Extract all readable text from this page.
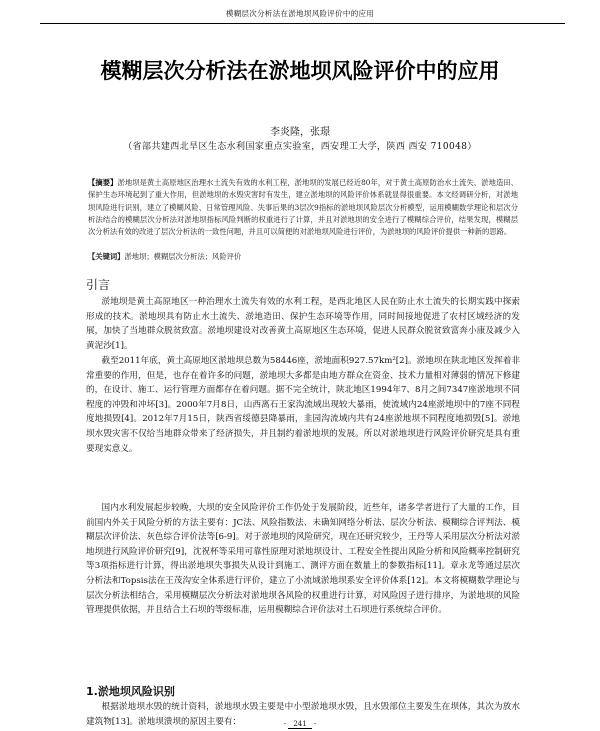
模糊层次分析法在淤地坝风险评价中的应用
模糊层次分析法在淤地坝风险评价中的应用
李炎隆，张璟
（省部共建西北旱区生态水利国家重点实验室，西安理工大学，陕西 西安 710048）
【摘要】淤地坝是黄土高原地区治理水土流失有效的水利工程，淤地坝的发展已经近80年，对于黄土高原防治水土流失、淤地造田、保护生态环境起到了重大作用，但淤地坝的水毁灾害时有发生，建立淤地坝的风险评价体系就显得很重要。本文经调研分析，对淤地坝风险进行识别，建立了模糊风险、日常管理风险、失事后果的3层次9指标的淤地坝风险层次分析模型，运用模糊数学理论和层次分析法结合的模糊层次分析法对淤地坝指标风险判断的权重进行了计算，并且对淤地坝的安全进行了模糊综合评价，结果发现，模糊层次分析法有效的改进了层次分析法的一致性问题，并且可以简便的对淤地坝风险进行评价，为淤地坝的风险评价提供一种新的思路。
【关键词】淤地坝；模糊层次分析法；风险评价
引言

淤地坝是黄土高原地区一种治理水土流失有效的水利工程，是西北地区人民在防止水土流失的长期实践中探索形成的技术。淤地坝具有防止水土流失、淤地造田、保护生态环境等作用，同时间接地促进了农村区域经济的发展，加快了当地群众脱贫致富。淤地坝建设对改善黄土高原地区生态环境，促进人民群众脱贫致富奔小康及减少入黄泥沙[1]。

截至2011年底，黄土高原地区淤地坝总数为58446座，淤地面积927.57km²[2]。淤地坝在陕北地区发挥着非常重要的作用，但是，也存在着许多的问题，淤地坝大多都是由地方群众在资金、技术力量相对薄弱的情况下修建的，在设计、施工、运行管理方面都存在着问题。据不完全统计，陕北地区1994年7、8月之间7347座淤地坝不同程度的冲毁和冲坏[3]。2000年7月8日，山西离石王家沟流域出现较大暴雨，使流域内24座淤地坝中的7座不同程度地损毁[4]。2012年7月15日，陕西省绥德县降暴雨，韭园沟流域内共有24座淤地坝不同程度地损毁[5]。淤地坝水毁灾害不仅给当地群众带来了经济损失，并且制约着淤地坝的发展。所以对淤地坝进行风险评价研究是具有重要现实意义。

国内水利发展起步较晚，大坝的安全风险评价工作仍处于发展阶段，近些年，诸多学者进行了大量的工作，目前国内外关于风险分析的方法主要有：JC法、风险指数法、未确知网络分析法、层次分析法、模糊综合评判法、模糊层次评价法、灰色综合评价法等[6-9]。对于淤地坝的风险研究，现在还研究较少，王丹等人采用层次分析法对淤地坝进行风险评价研究[9]，沈祝杯等采用可靠性原理对淤地坝设计、工程安全性提出风险分析和风险概率控制研究等3项指标进行计算，得出淤地坝失事损失从设计到施工、测评方面在数量上的参数指标[11]。章永龙等通过层次分析法和Topsis法在王茂沟安全体系进行评价，建立了小流域淤地坝系安全评价体系[12]。本文将模糊数学理论与层次分析法相结合，采用模糊层次分析法对淤地坝各风险的权重进行计算，对风险因子进行排序，为淤地坝的风险管理提供依据，并且结合土石坝的等级标准，运用模糊综合评价法对土石坝进行系统综合评价。

1.淤地坝风险识别

根据淤地坝水毁的统计资料，淤地坝水毁主要是中小型淤地坝水毁，且水毁部位主要发生在坝体，其次为放水建筑物[13]。淤地坝溃坝的原因主要有：	- 241 -
